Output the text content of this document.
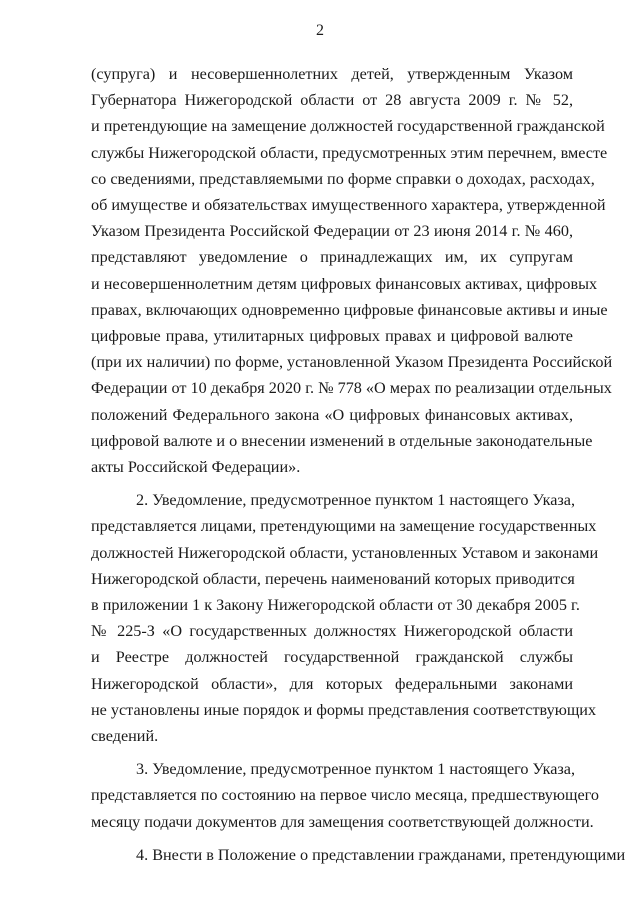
2

(супруга) и несовершеннолетних детей, утвержденным Указом
Губернатора Нижегородской области от 28 августа 2009 г. № 52,
и претендующие на замещение должностей государственной гражданской
службы Нижегородской области, предусмотренных этим перечнем, вместе
со сведениями, представляемыми по форме справки о доходах, расходах,
об имуществе и обязательствах имущественного характера, утвержденной
Указом Президента Российской Федерации от 23 июня 2014 г. № 460,
представляют уведомление о принадлежащих им, их супругам
и несовершеннолетним детям цифровых финансовых активах, цифровых
правах, включающих одновременно цифровые финансовые активы и иные
цифровые права, утилитарных цифровых правах и цифровой валюте
(при их наличии) по форме, установленной Указом Президента Российской
Федерации от 10 декабря 2020 г. № 778 «О мерах по реализации отдельных
положений Федерального закона «О цифровых финансовых активах,
цифровой валюте и о внесении изменений в отдельные законодательные
акты Российской Федерации».

2. Уведомление, предусмотренное пунктом 1 настоящего Указа,
представляется лицами, претендующими на замещение государственных
должностей Нижегородской области, установленных Уставом и законами
Нижегородской области, перечень наименований которых приводится
в приложении 1 к Закону Нижегородской области от 30 декабря 2005 г.
№ 225-З «О государственных должностях Нижегородской области
и Реестре должностей государственной гражданской службы
Нижегородской области», для которых федеральными законами
не установлены иные порядок и формы представления соответствующих
сведений.

3. Уведомление, предусмотренное пунктом 1 настоящего Указа,
представляется по состоянию на первое число месяца, предшествующего
месяцу подачи документов для замещения соответствующей должности.

4. Внести в Положение о представлении гражданами, претендующими
